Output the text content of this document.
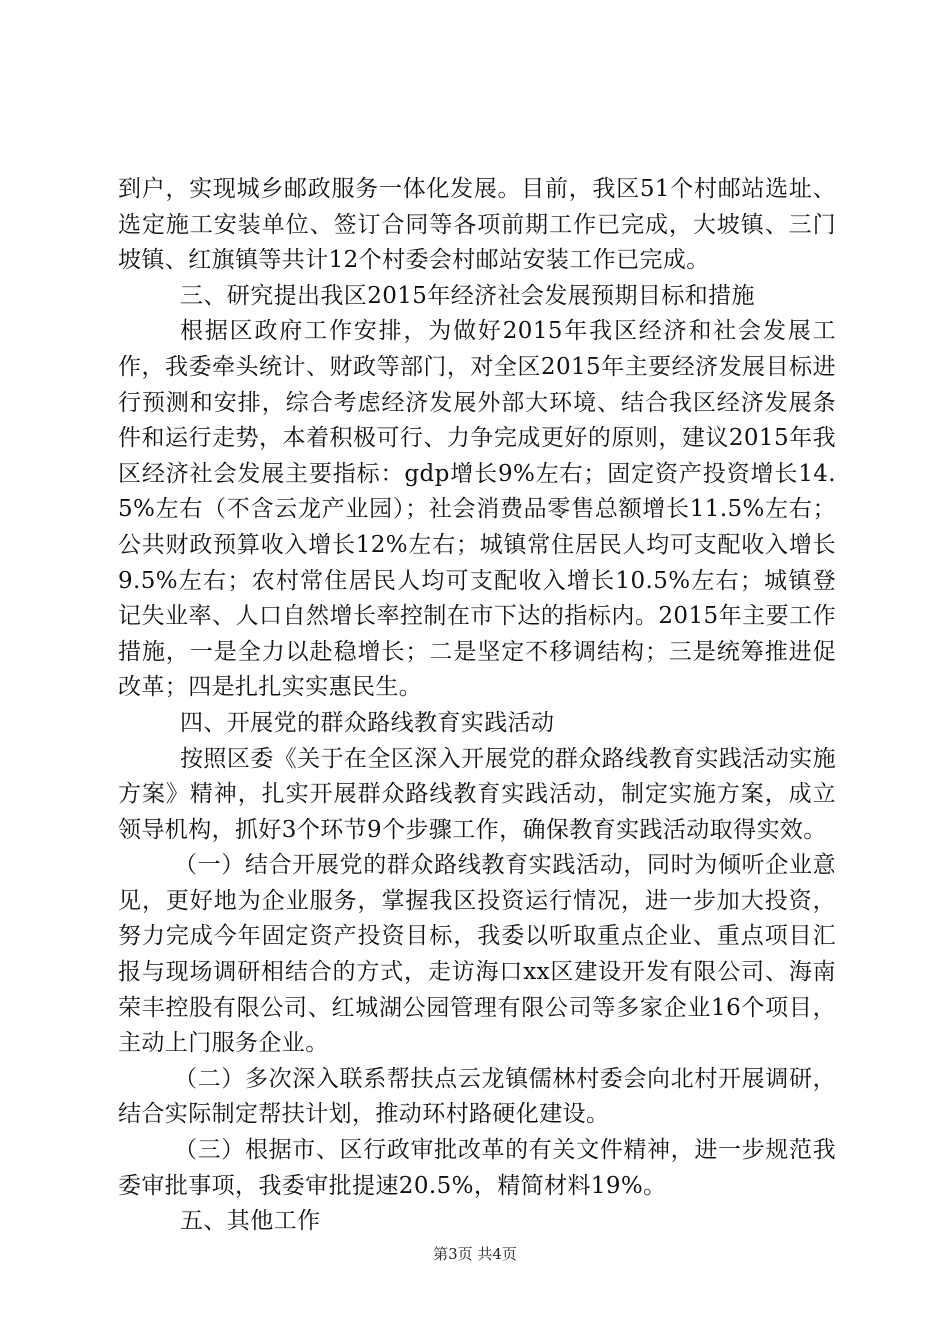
到户，实现城乡邮政服务一体化发展。目前，我区51个村邮站选址、选定施工安装单位、签订合同等各项前期工作已完成，大坡镇、三门坡镇、红旗镇等共计12个村委会村邮站安装工作已完成。

三、研究提出我区2015年经济社会发展预期目标和措施

根据区政府工作安排，为做好2015年我区经济和社会发展工作，我委牵头统计、财政等部门，对全区2015年主要经济发展目标进行预测和安排，综合考虑经济发展外部大环境、结合我区经济发展条件和运行走势，本着积极可行、力争完成更好的原则，建议2015年我区经济社会发展主要指标：gdp增长9%左右；固定资产投资增长14.5%左右（不含云龙产业园）；社会消费品零售总额增长11.5%左右；公共财政预算收入增长12%左右；城镇常住居民人均可支配收入增长9.5%左右；农村常住居民人均可支配收入增长10.5%左右；城镇登记失业率、人口自然增长率控制在市下达的指标内。2015年主要工作措施，一是全力以赴稳增长；二是坚定不移调结构；三是统筹推进促改革；四是扎扎实实惠民生。

四、开展党的群众路线教育实践活动

按照区委《关于在全区深入开展党的群众路线教育实践活动实施方案》精神，扎实开展群众路线教育实践活动，制定实施方案，成立领导机构，抓好3个环节9个步骤工作，确保教育实践活动取得实效。

（一）结合开展党的群众路线教育实践活动，同时为倾听企业意见，更好地为企业服务，掌握我区投资运行情况，进一步加大投资，努力完成今年固定资产投资目标，我委以听取重点企业、重点项目汇报与现场调研相结合的方式，走访海口xx区建设开发有限公司、海南荣丰控股有限公司、红城湖公园管理有限公司等多家企业16个项目，主动上门服务企业。

（二）多次深入联系帮扶点云龙镇儒林村委会向北村开展调研，结合实际制定帮扶计划，推动环村路硬化建设。

（三）根据市、区行政审批改革的有关文件精神，进一步规范我委审批事项，我委审批提速20.5%，精简材料19%。

五、其他工作

第3页 共4页
